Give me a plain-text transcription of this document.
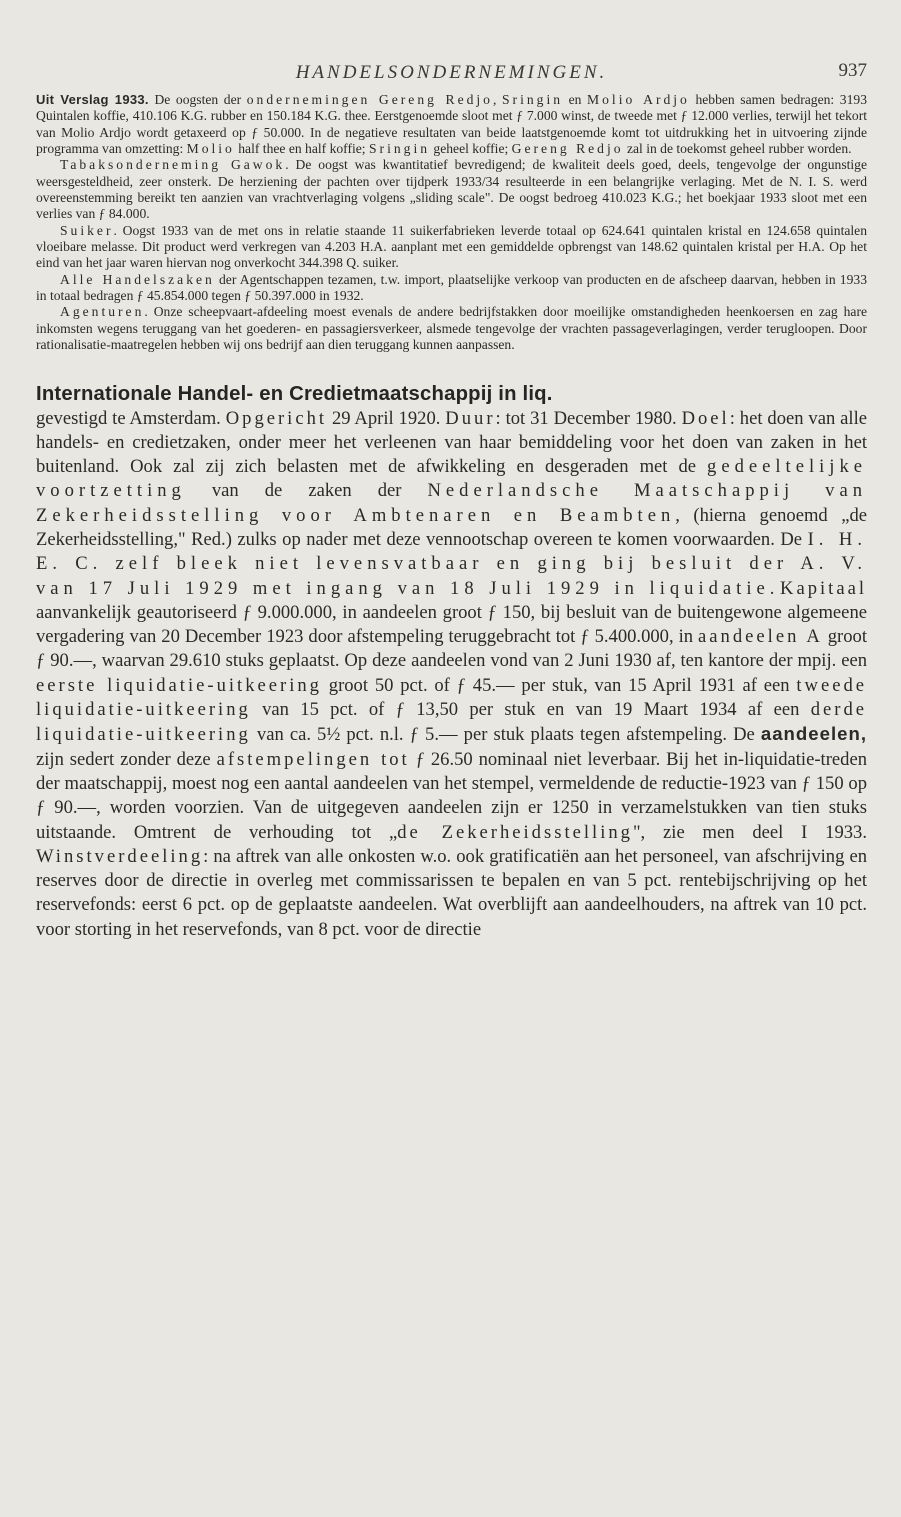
HANDELSONDERNEMINGEN.	937

Uit Verslag 1933. De oogsten der ondernemingen Gereng Redjo, Sringin en Molio Ardjo hebben samen bedragen: 3193 Quintalen koffie, 410.106 K.G. rubber en 150.184 K.G. thee. Eerstgenoemde sloot met ƒ 7.000 winst, de tweede met ƒ 12.000 verlies, terwijl het tekort van Molio Ardjo wordt getaxeerd op ƒ 50.000. In de negatieve resultaten van beide laatstgenoemde komt tot uitdrukking het in uitvoering zijnde programma van omzetting: Molio half thee en half koffie; Sringin geheel koffie; Gereng Redjo zal in de toekomst geheel rubber worden.

Tabaksonderneming Gawok. De oogst was kwantitatief bevredigend; de kwaliteit deels goed, deels, tengevolge der ongunstige weersgesteldheid, zeer onsterk. De herziening der pachten over tijdperk 1933/34 resulteerde in een belangrijke verlaging. Met de N. I. S. werd overeenstemming bereikt ten aanzien van vrachtverlaging volgens „sliding scale". De oogst bedroeg 410.023 K.G.; het boekjaar 1933 sloot met een verlies van ƒ 84.000.

Suiker. Oogst 1933 van de met ons in relatie staande 11 suikerfabrieken leverde totaal op 624.641 quintalen kristal en 124.658 quintalen vloeibare melasse. Dit product werd verkregen van 4.203 H.A. aanplant met een gemiddelde opbrengst van 148.62 quintalen kristal per H.A. Op het eind van het jaar waren hiervan nog onverkocht 344.398 Q. suiker.

Alle Handelszaken der Agentschappen tezamen, t.w. import, plaatselijke verkoop van producten en de afscheep daarvan, hebben in 1933 in totaal bedragen ƒ 45.854.000 tegen ƒ 50.397.000 in 1932.

Agenturen. Onze scheepvaart-afdeeling moest evenals de andere bedrijfstakken door moeilijke omstandigheden heenkoersen en zag hare inkomsten wegens teruggang van het goederen- en passagiersverkeer, alsmede tengevolge der vrachten passageverlagingen, verder terugloopen. Door rationalisatie-maatregelen hebben wij ons bedrijf aan dien teruggang kunnen aanpassen.

Internationale Handel- en Credietmaatschappij in liq.

gevestigd te Amsterdam. Opgericht 29 April 1920. Duur: tot 31 December 1980. Doel: het doen van alle handels- en credietzaken, onder meer het verleenen van haar bemiddeling voor het doen van zaken in het buitenland. Ook zal zij zich belasten met de afwikkeling en desgeraden met de gedeeltelijke voortzetting van de zaken der Nederlandsche Maatschappij van Zekerheidsstelling voor Ambtenaren en Beambten, (hierna genoemd „de Zekerheidsstelling," Red.) zulks op nader met deze vennootschap overeen te komen voorwaarden. De I. H. E. C. zelf bleek niet levensvatbaar en ging bij besluit der A. V. van 17 Juli 1929 met ingang van 18 Juli 1929 in liquidatie. Kapitaal aanvankelijk geautoriseerd ƒ 9.000.000, in aandeelen groot ƒ 150, bij besluit van de buitengewone algemeene vergadering van 20 December 1923 door afstempeling teruggebracht tot ƒ 5.400.000, in aandeelen A groot ƒ 90.—, waarvan 29.610 stuks geplaatst. Op deze aandeelen vond van 2 Juni 1930 af, ten kantore der mpij. een eerste liquidatie-uitkeering groot 50 pct. of ƒ 45.— per stuk, van 15 April 1931 af een tweede liquidatie-uitkeering van 15 pct. of ƒ 13,50 per stuk en van 19 Maart 1934 af een derde liquidatie-uitkeering van ca. 5½ pct. n.l. ƒ 5.— per stuk plaats tegen afstempeling. De aandeelen, zijn sedert zonder deze afstempelingen tot ƒ 26.50 nominaal niet leverbaar. Bij het in-liquidatie-treden der maatschappij, moest nog een aantal aandeelen van het stempel, vermeldende de reductie-1923 van ƒ 150 op ƒ 90.—, worden voorzien. Van de uitgegeven aandeelen zijn er 1250 in verzamelstukken van tien stuks uitstaande. Omtrent de verhouding tot „de Zekerheidsstelling", zie men deel I 1933. Winstverdeeling: na aftrek van alle onkosten w.o. ook gratificatiën aan het personeel, van afschrijving en reserves door de directie in overleg met commissarissen te bepalen en van 5 pct. rentebijschrijving op het reservefonds: eerst 6 pct. op de geplaatste aandeelen. Wat overblijft aan aandeelhouders, na aftrek van 10 pct. voor storting in het reservefonds, van 8 pct. voor de directie
